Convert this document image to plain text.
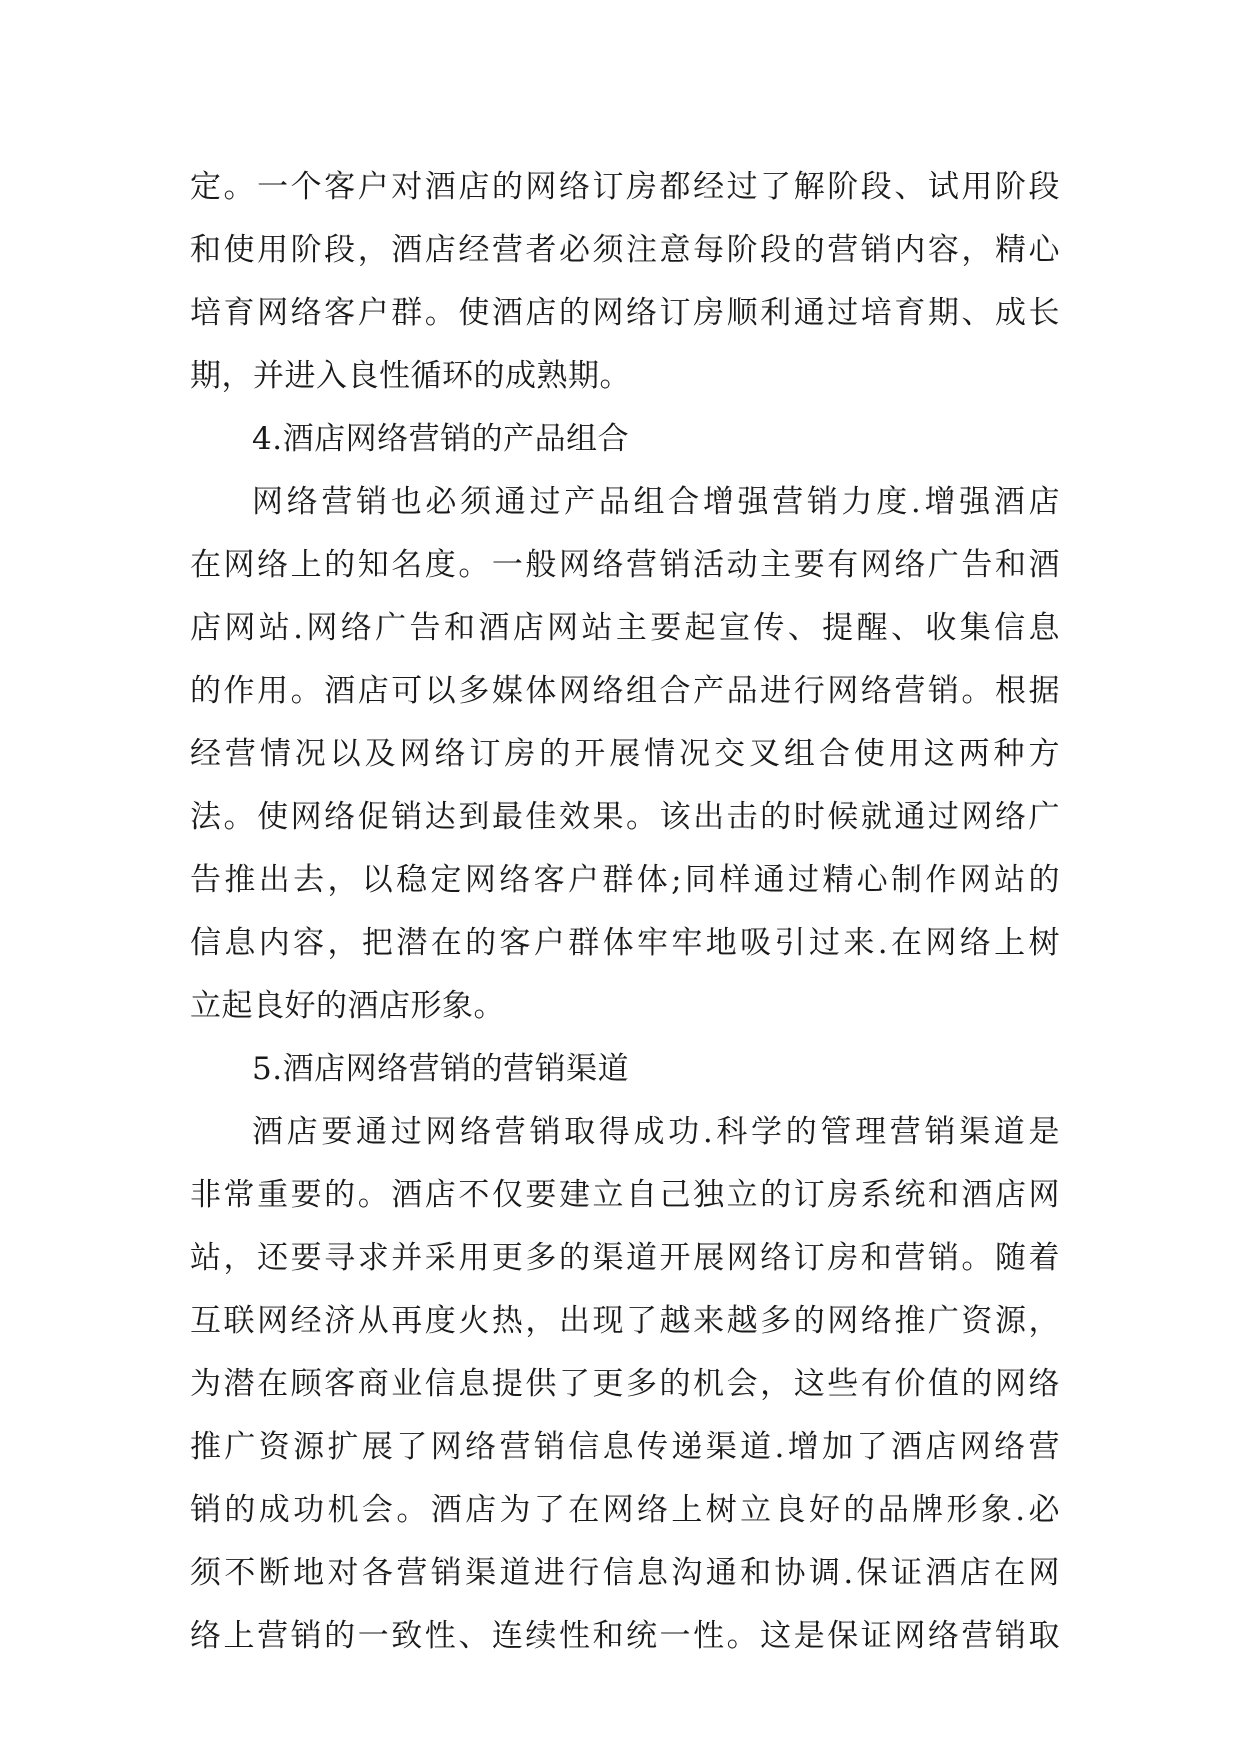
定。一个客户对酒店的网络订房都经过了解阶段、试用阶段
和使用阶段，酒店经营者必须注意每阶段的营销内容，精心
培育网络客户群。使酒店的网络订房顺利通过培育期、成长
期，并进入良性循环的成熟期。
4.酒店网络营销的产品组合
网络营销也必须通过产品组合增强营销力度.增强酒店
在网络上的知名度。一般网络营销活动主要有网络广告和酒
店网站.网络广告和酒店网站主要起宣传、提醒、收集信息
的作用。酒店可以多媒体网络组合产品进行网络营销。根据
经营情况以及网络订房的开展情况交叉组合使用这两种方
法。使网络促销达到最佳效果。该出击的时候就通过网络广
告推出去，以稳定网络客户群体;同样通过精心制作网站的
信息内容，把潜在的客户群体牢牢地吸引过来.在网络上树
立起良好的酒店形象。
5.酒店网络营销的营销渠道
酒店要通过网络营销取得成功.科学的管理营销渠道是
非常重要的。酒店不仅要建立自己独立的订房系统和酒店网
站，还要寻求并采用更多的渠道开展网络订房和营销。随着
互联网经济从再度火热，出现了越来越多的网络推广资源，
为潜在顾客商业信息提供了更多的机会，这些有价值的网络
推广资源扩展了网络营销信息传递渠道.增加了酒店网络营
销的成功机会。酒店为了在网络上树立良好的品牌形象.必
须不断地对各营销渠道进行信息沟通和协调.保证酒店在网
络上营销的一致性、连续性和统一性。这是保证网络营销取
